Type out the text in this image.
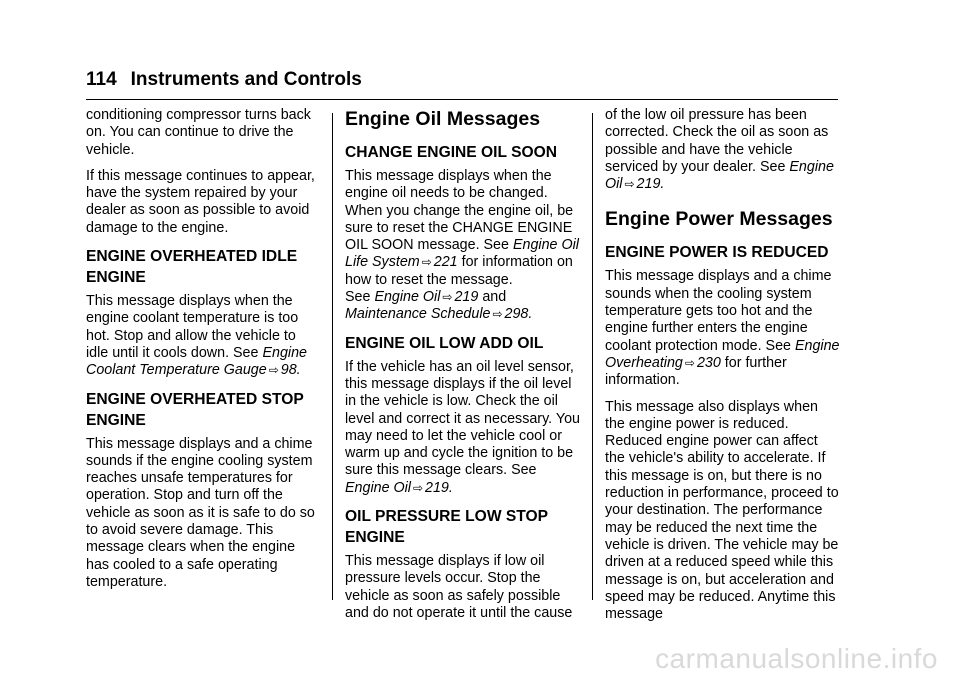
114 Instruments and Controls

conditioning compressor turns back on. You can continue to drive the vehicle.

If this message continues to appear, have the system repaired by your dealer as soon as possible to avoid damage to the engine.

ENGINE OVERHEATED IDLE ENGINE

This message displays when the engine coolant temperature is too hot. Stop and allow the vehicle to idle until it cools down. See Engine Coolant Temperature Gauge ⇨ 98.

ENGINE OVERHEATED STOP ENGINE

This message displays and a chime sounds if the engine cooling system reaches unsafe temperatures for operation. Stop and turn off the vehicle as soon as it is safe to do so to avoid severe damage. This message clears when the engine has cooled to a safe operating temperature.

Engine Oil Messages
CHANGE ENGINE OIL SOON

This message displays when the engine oil needs to be changed. When you change the engine oil, be sure to reset the CHANGE ENGINE OIL SOON message. See Engine Oil Life System ⇨ 221 for information on how to reset the message.

See Engine Oil ⇨ 219 and Maintenance Schedule ⇨ 298.

ENGINE OIL LOW ADD OIL

If the vehicle has an oil level sensor, this message displays if the oil level in the vehicle is low. Check the oil level and correct it as necessary. You may need to let the vehicle cool or warm up and cycle the ignition to be sure this message clears. See Engine Oil ⇨ 219.

OIL PRESSURE LOW STOP ENGINE

This message displays if low oil pressure levels occur. Stop the vehicle as soon as safely possible and do not operate it until the cause

of the low oil pressure has been corrected. Check the oil as soon as possible and have the vehicle serviced by your dealer. See Engine Oil ⇨ 219.

Engine Power Messages
ENGINE POWER IS REDUCED

This message displays and a chime sounds when the cooling system temperature gets too hot and the engine further enters the engine coolant protection mode. See Engine Overheating ⇨ 230 for further information.

This message also displays when the engine power is reduced. Reduced engine power can affect the vehicle's ability to accelerate. If this message is on, but there is no reduction in performance, proceed to your destination. The performance may be reduced the next time the vehicle is driven. The vehicle may be driven at a reduced speed while this message is on, but acceleration and speed may be reduced. Anytime this message

carmanualsonline.info
